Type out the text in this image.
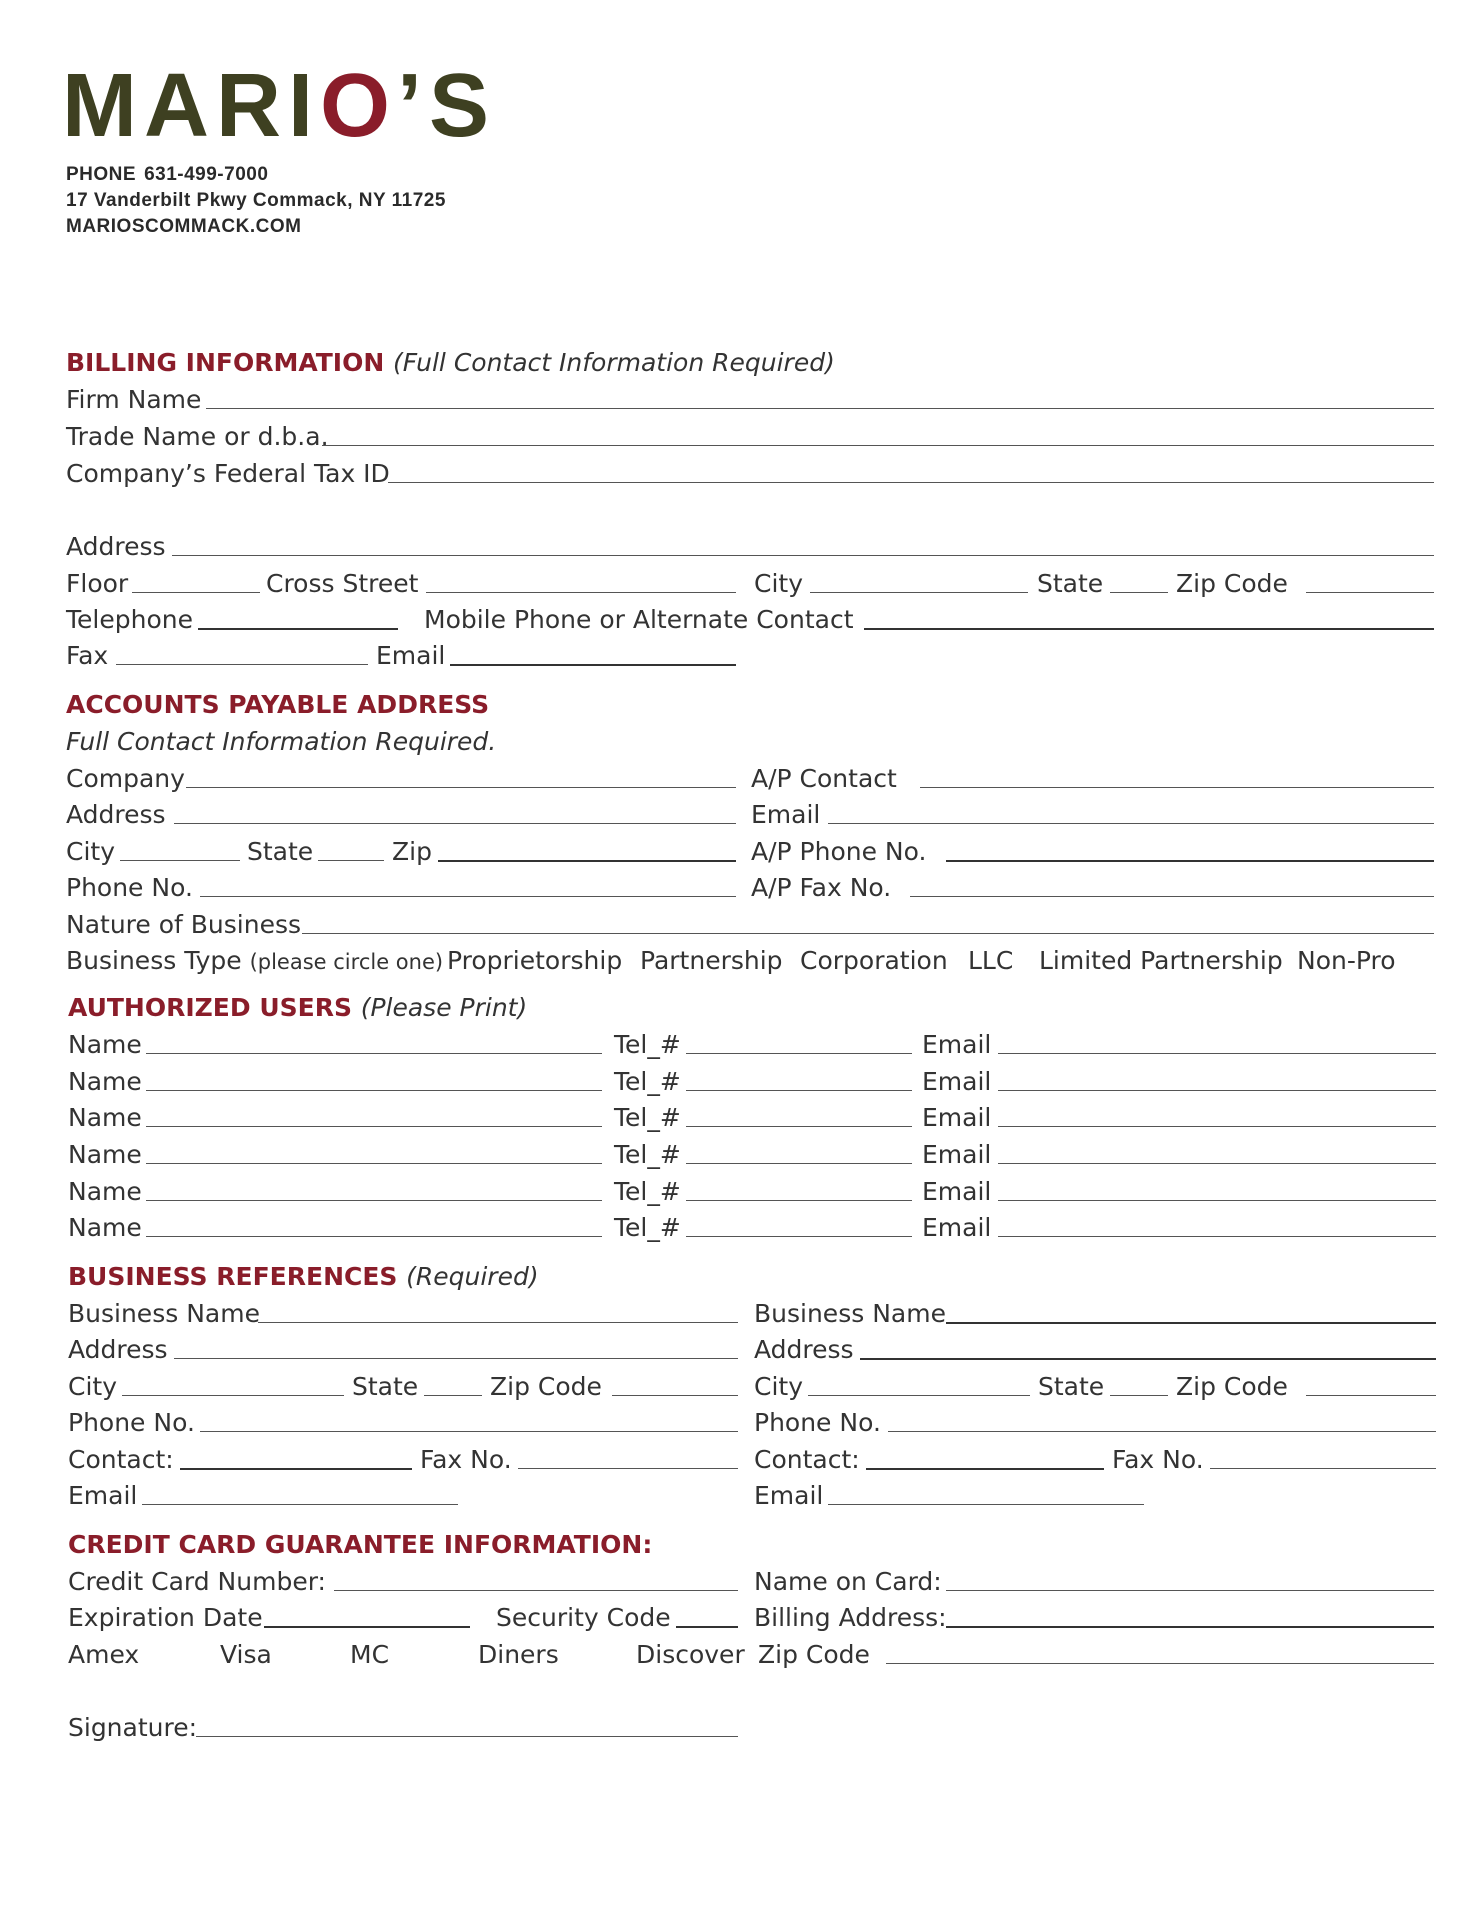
MARIO’S
PHONE 631-499-7000
17 Vanderbilt Pkwy Commack, NY 11725
MARIOSCOMMACK.COM
BILLING INFORMATION (Full Contact Information Required)
Firm Name
Trade Name or d.b.a.
Company’s Federal Tax ID
Address
Floor	Cross Street	City	State	Zip Code
Telephone	Mobile Phone or Alternate Contact
Fax	Email
ACCOUNTS PAYABLE ADDRESS
Full Contact Information Required.
Company	A/P Contact
Address	Email
City	State	Zip	A/P Phone No.
Phone No.	A/P Fax No.
Nature of Business
Business Type (please circle one) Proprietorship Partnership Corporation LLC Limited Partnership Non-Pro
AUTHORIZED USERS (Please Print)
Name	Tel_#	Email
Name	Tel_#	Email
Name	Tel_#	Email
Name	Tel_#	Email
Name	Tel_#	Email
Name	Tel_#	Email
BUSINESS REFERENCES (Required)
Business Name
Address
City	State	Zip Code
Phone No.
Contact:	Fax No.
Email
Business Name
Address
City	State	Zip Code
Phone No.
Contact:	Fax No.
Email
CREDIT CARD GUARANTEE INFORMATION:
Credit Card Number:	Name on Card:
Expiration Date	Security Code	Billing Address:
Amex	Visa	MC	Diners	Discover Zip Code
Signature:
